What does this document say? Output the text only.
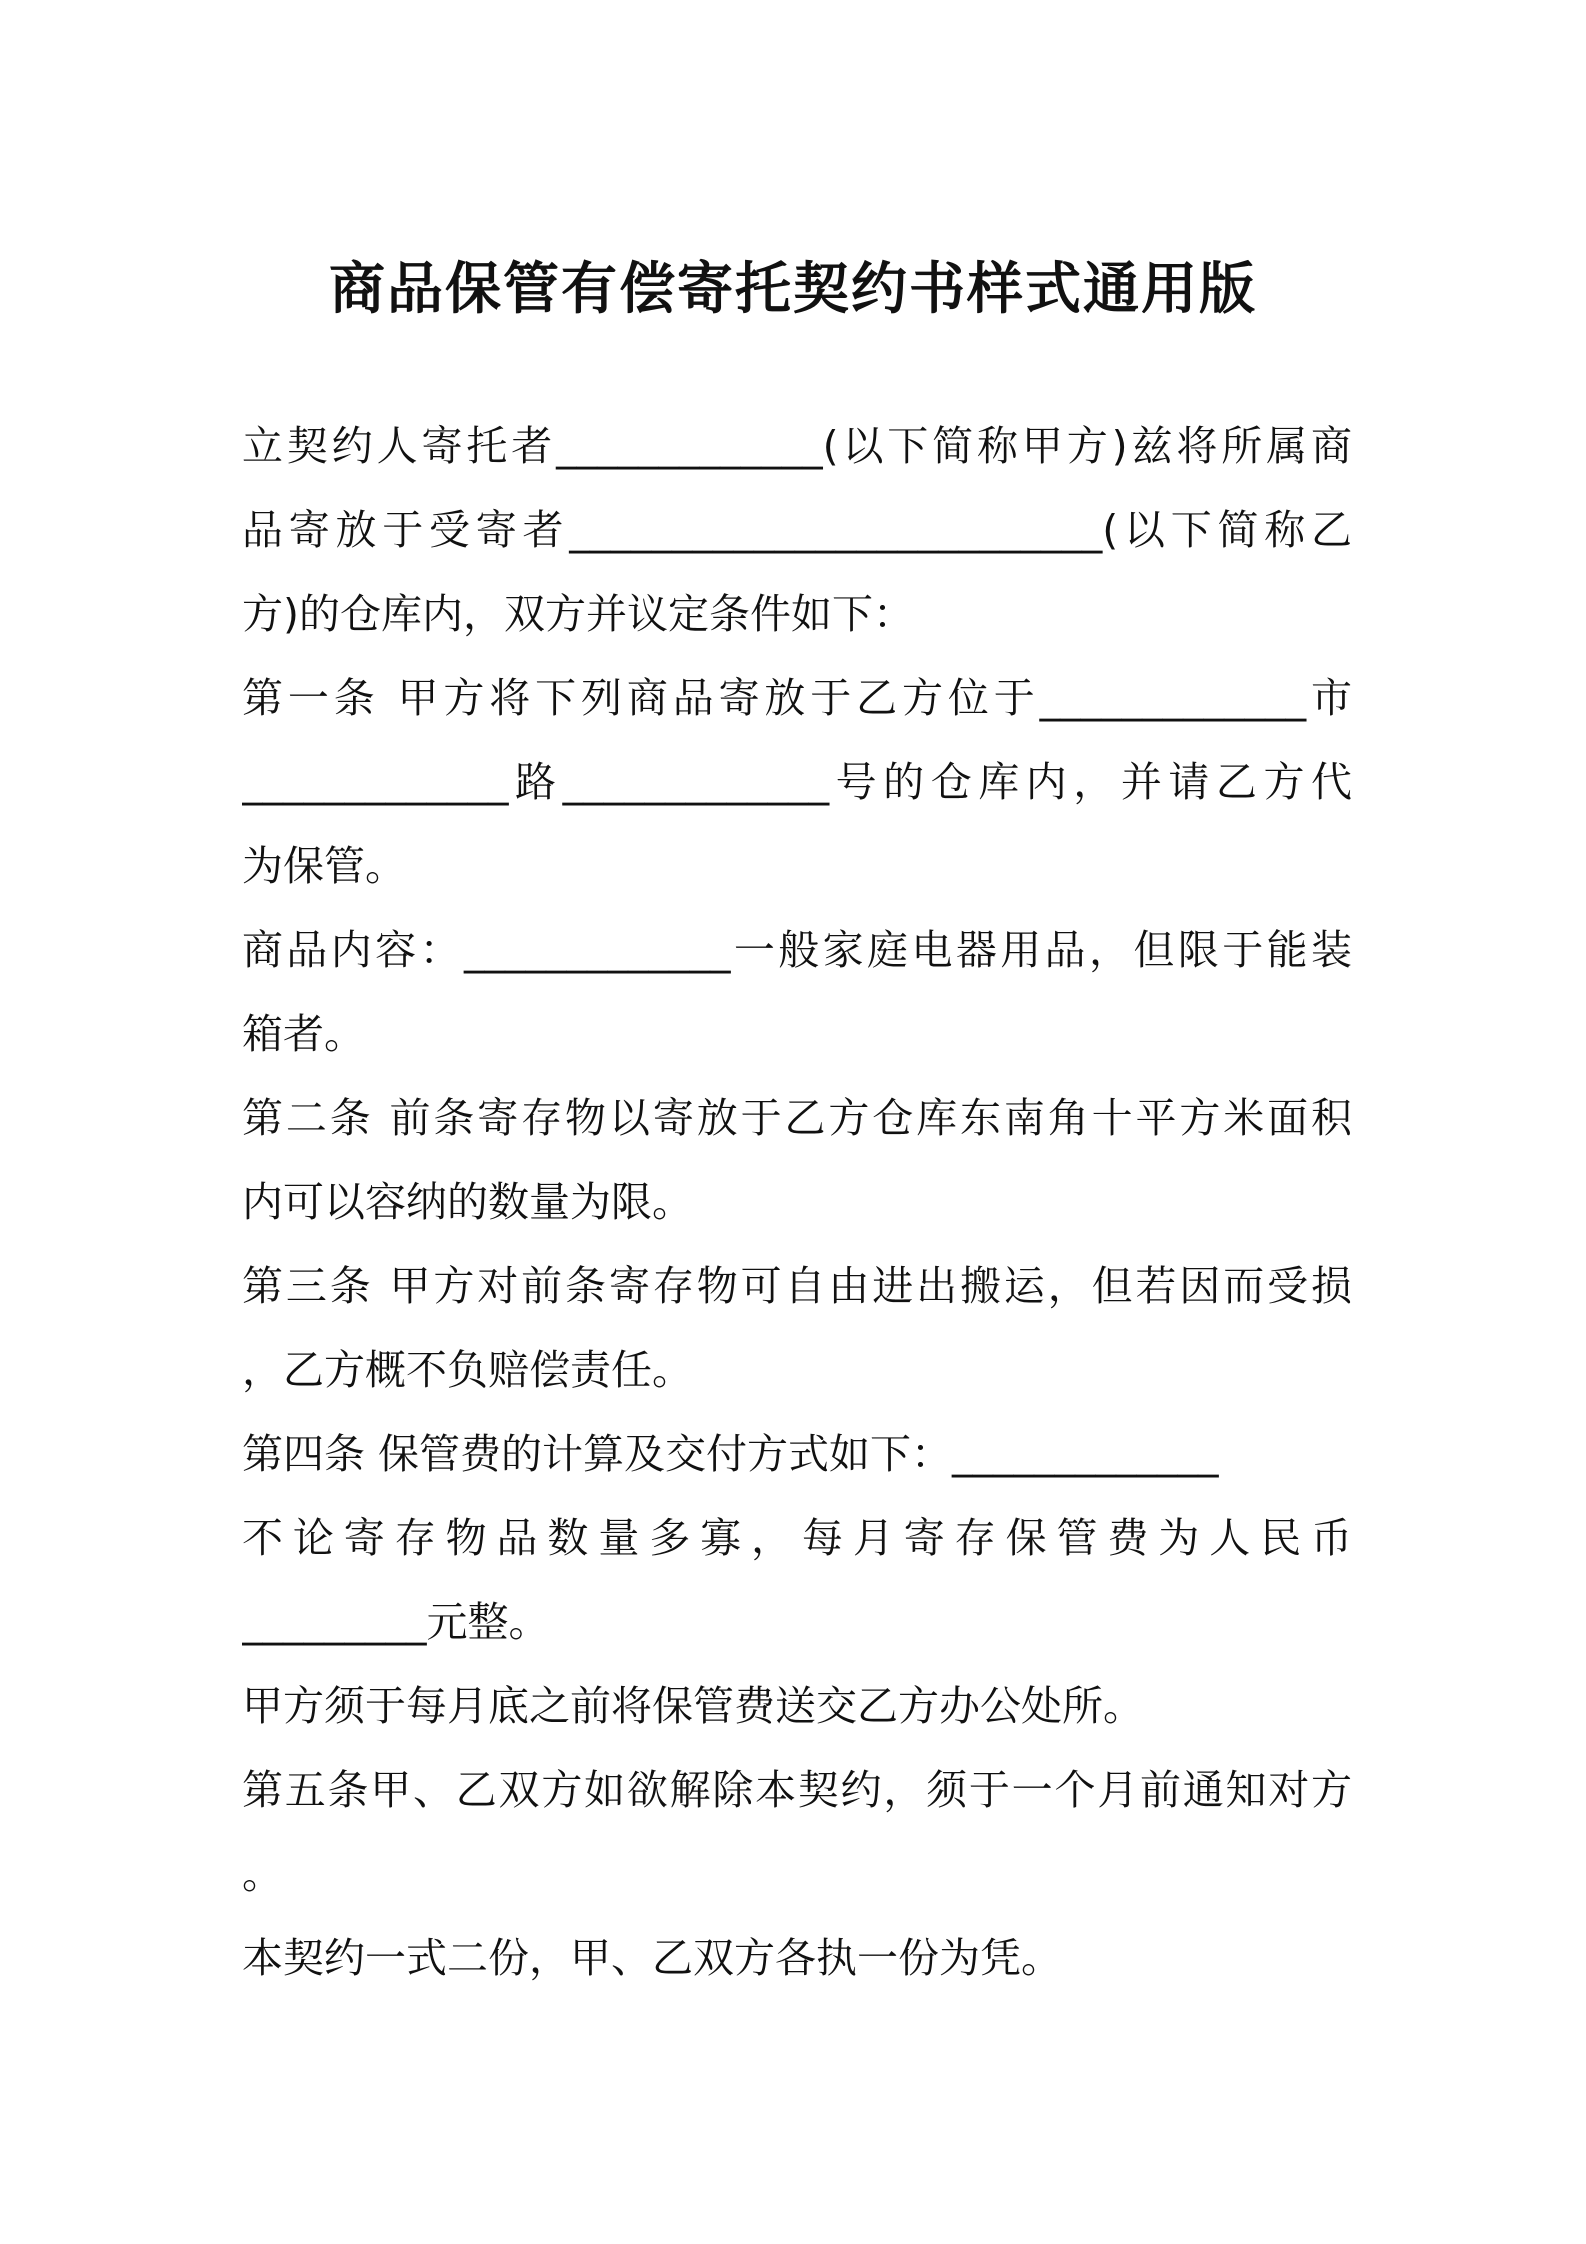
商品保管有偿寄托契约书样式通用版
立契约人寄托者_____________(以下简称甲方)兹将所属商
品寄放于受寄者__________________________(以下简称乙
方)的仓库内，双方并议定条件如下：
第一条 甲方将下列商品寄放于乙方位于_____________市
_____________路_____________号的仓库内，并请乙方代
为保管。
商品内容：_____________一般家庭电器用品，但限于能装
箱者。
第二条 前条寄存物以寄放于乙方仓库东南角十平方米面积
内可以容纳的数量为限。
第三条 甲方对前条寄存物可自由进出搬运，但若因而受损
，乙方概不负赔偿责任。
第四条 保管费的计算及交付方式如下：_____________
不论寄存物品数量多寡，每月寄存保管费为人民币
_________元整。
甲方须于每月底之前将保管费送交乙方办公处所。
第五条甲、乙双方如欲解除本契约，须于一个月前通知对方
。
本契约一式二份，甲、乙双方各执一份为凭。
